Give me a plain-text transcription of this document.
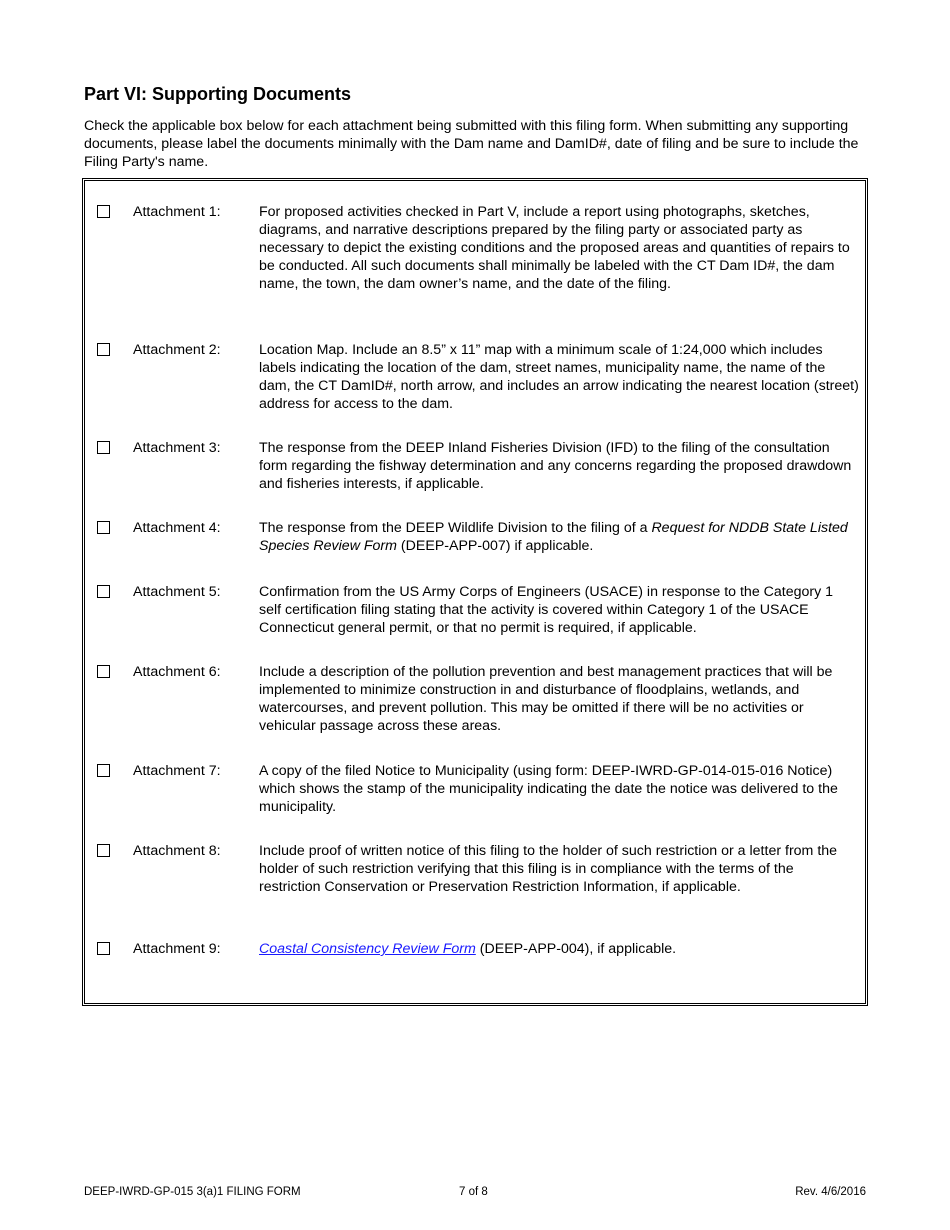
Part VI: Supporting Documents

Check the applicable box below for each attachment being submitted with this filing form. When submitting any supporting documents, please label the documents minimally with the Dam name and DamID#, date of filing and be sure to include the Filing Party's name.

Attachment 1:	For proposed activities checked in Part V, include a report using photographs, sketches, diagrams, and narrative descriptions prepared by the filing party or associated party as necessary to depict the existing conditions and the proposed areas and quantities of repairs to be conducted. All such documents shall minimally be labeled with the CT Dam ID#, the dam name, the town, the dam owner’s name, and the date of the filing.
Attachment 2:	Location Map. Include an 8.5” x 11” map with a minimum scale of 1:24,000 which includes labels indicating the location of the dam, street names, municipality name, the name of the dam, the CT DamID#, north arrow, and includes an arrow indicating the nearest location (street) address for access to the dam.
Attachment 3:	The response from the DEEP Inland Fisheries Division (IFD) to the filing of the consultation form regarding the fishway determination and any concerns regarding the proposed drawdown and fisheries interests, if applicable.
Attachment 4:	The response from the DEEP Wildlife Division to the filing of a Request for NDDB State Listed Species Review Form (DEEP-APP-007) if applicable.
Attachment 5:	Confirmation from the US Army Corps of Engineers (USACE) in response to the Category 1 self certification filing stating that the activity is covered within Category 1 of the USACE Connecticut general permit, or that no permit is required, if applicable.
Attachment 6:	Include a description of the pollution prevention and best management practices that will be implemented to minimize construction in and disturbance of floodplains, wetlands, and watercourses, and prevent pollution. This may be omitted if there will be no activities or vehicular passage across these areas.
Attachment 7:	A copy of the filed Notice to Municipality (using form: DEEP-IWRD-GP-014-015-016 Notice) which shows the stamp of the municipality indicating the date the notice was delivered to the municipality.
Attachment 8:	Include proof of written notice of this filing to the holder of such restriction or a letter from the holder of such restriction verifying that this filing is in compliance with the terms of the restriction Conservation or Preservation Restriction Information, if applicable.
Attachment 9:	Coastal Consistency Review Form (DEEP-APP-004), if applicable.
DEEP-IWRD-GP-015 3(a)1 FILING FORM	7 of 8	Rev. 4/6/2016
